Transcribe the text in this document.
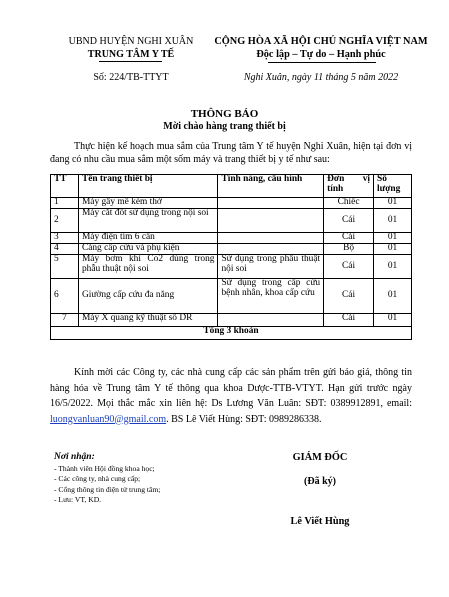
UBND HUYỆN NGHI XUÂN
TRUNG TÂM Y TẾ
Số: 224/TB-TTYT
CỘNG HÒA XÃ HỘI CHỦ NGHĨA VIỆT NAM
Độc lập – Tự do – Hạnh phúc
Nghi Xuân, ngày 11 tháng 5 năm 2022
THÔNG BÁO
Mời chào hàng trang thiết bị
Thực hiện kế hoạch mua sắm của Trung tâm Y tế huyện Nghi Xuân, hiện tại đơn vị đang có nhu cầu mua sắm một sốm máy và trang thiết bị y tế như sau:
TT	Tên trang thiết bị	Tính năng, cấu hình	Đơn vị tính	Số lượng
1	Máy gây mê kèm thở		Chiếc	01
2	Máy cắt đốt sử dụng trong nội soi		Cái	01
3	Máy điện tim 6 cần		Cái	01
4	Cáng cấp cứu và phụ kiện		Bộ	01
5	Máy bơm khí Co2 dùng trong phẫu thuật nội soi	Sử dụng trong phẫu thuật nội soi	Cái	01
6	Giường cấp cứu đa năng	Sử dụng trong cấp cứu bệnh nhân, khoa cấp cứu	Cái	01
7	Máy X quang kỹ thuật số DR		Cái	01
Tổng 3 khoản				
Kính mời các Công ty, các nhà cung cấp các sản phẩm trên gửi báo giá, thông tin hàng hóa về Trung tâm Y tế thông qua khoa Dược-TTB-VTYT. Hạn gửi trước ngày 16/5/2022. Mọi thắc mắc xin liên hệ: Ds Lương Văn Luân: SĐT: 0389912891, email: luongvanluan90@gmail.com. BS Lê Viết Hùng: SĐT: 0989286338.
Nơi nhận:
- Thành viên Hội đồng khoa học;
- Các công ty, nhà cung cấp;
- Cổng thông tin điện tử trung tâm;
- Lưu: VT, KD.
GIÁM ĐỐC
(Đã ký)
Lê Viết Hùng
